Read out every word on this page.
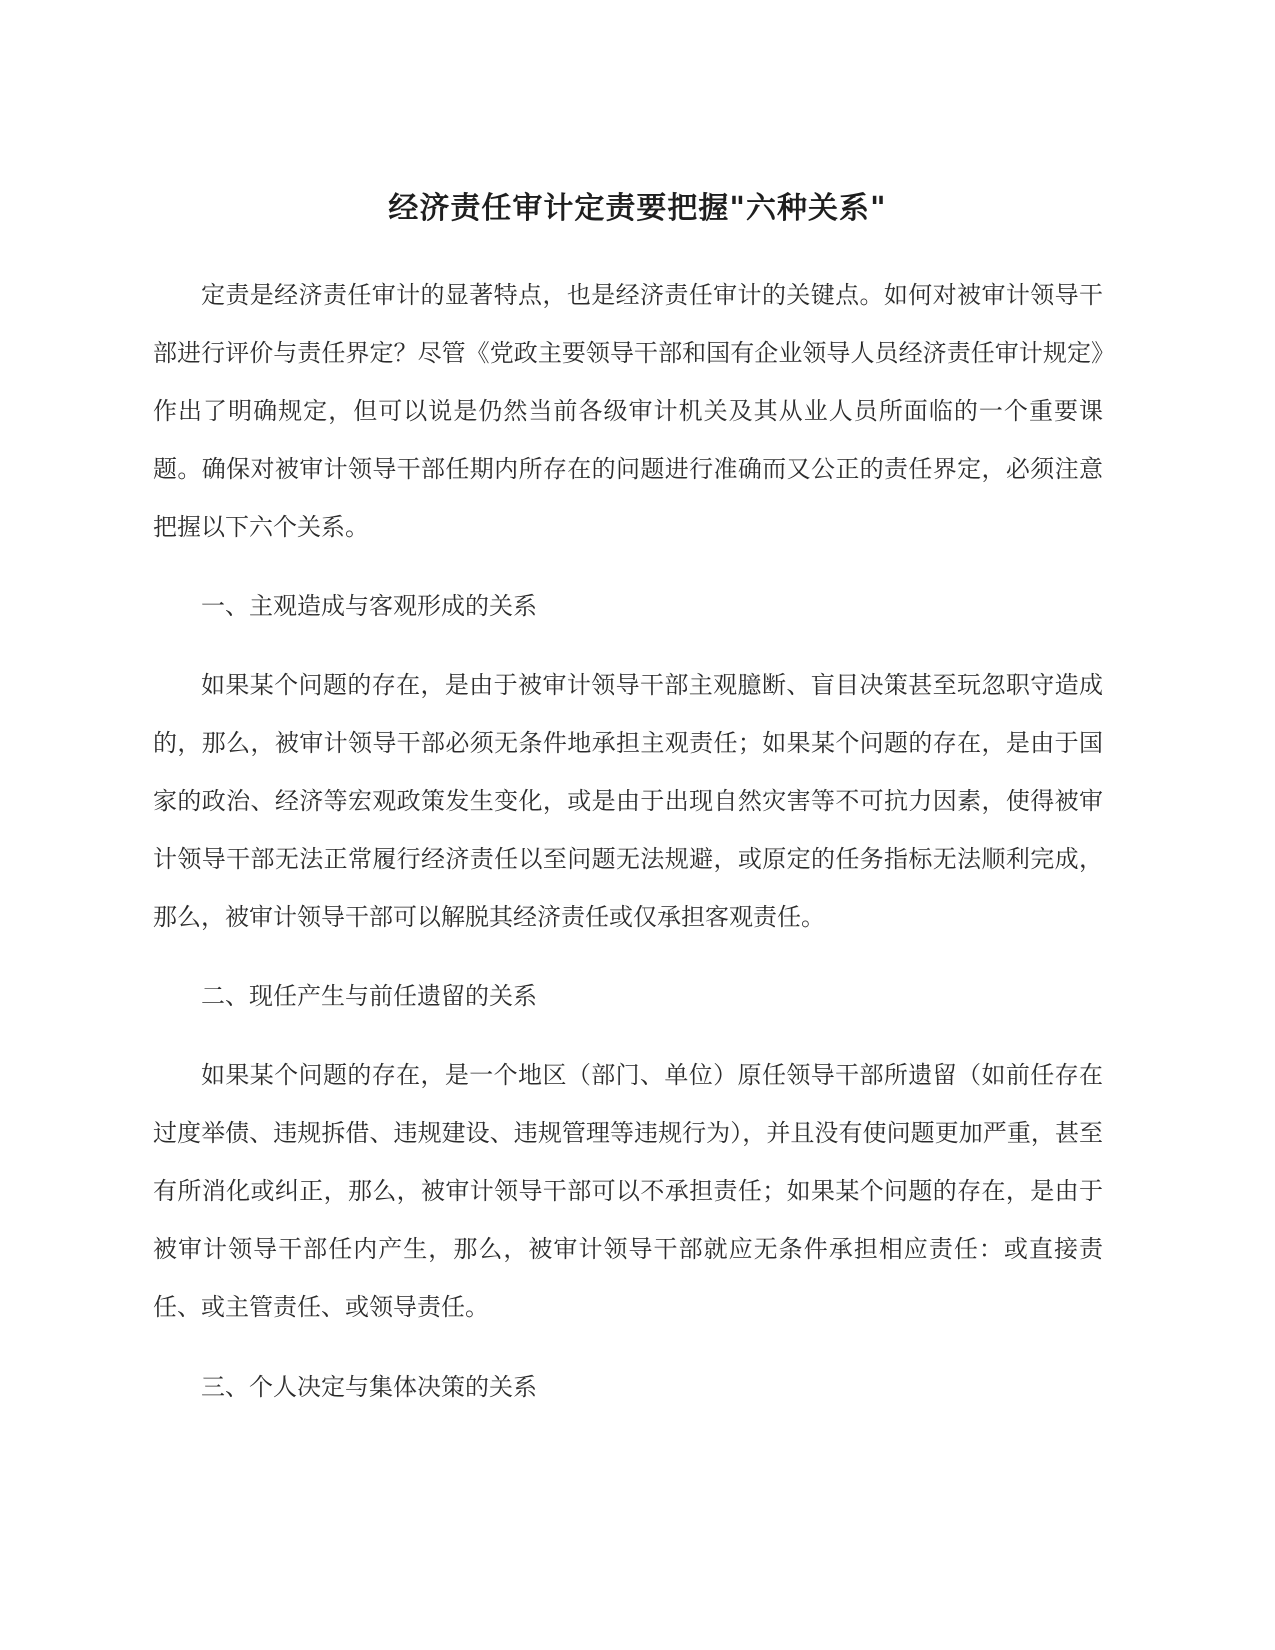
经济责任审计定责要把握"六种关系"

定责是经济责任审计的显著特点，也是经济责任审计的关键点。如何对被审计领导干部进行评价与责任界定？尽管《党政主要领导干部和国有企业领导人员经济责任审计规定》作出了明确规定，但可以说是仍然当前各级审计机关及其从业人员所面临的一个重要课题。确保对被审计领导干部任期内所存在的问题进行准确而又公正的责任界定，必须注意把握以下六个关系。

一、主观造成与客观形成的关系

如果某个问题的存在，是由于被审计领导干部主观臆断、盲目决策甚至玩忽职守造成的，那么，被审计领导干部必须无条件地承担主观责任；如果某个问题的存在，是由于国家的政治、经济等宏观政策发生变化，或是由于出现自然灾害等不可抗力因素，使得被审计领导干部无法正常履行经济责任以至问题无法规避，或原定的任务指标无法顺利完成，那么，被审计领导干部可以解脱其经济责任或仅承担客观责任。

二、现任产生与前任遗留的关系

如果某个问题的存在，是一个地区（部门、单位）原任领导干部所遗留（如前任存在过度举债、违规拆借、违规建设、违规管理等违规行为），并且没有使问题更加严重，甚至有所消化或纠正，那么，被审计领导干部可以不承担责任；如果某个问题的存在，是由于被审计领导干部任内产生，那么，被审计领导干部就应无条件承担相应责任：或直接责任、或主管责任、或领导责任。

三、个人决定与集体决策的关系
